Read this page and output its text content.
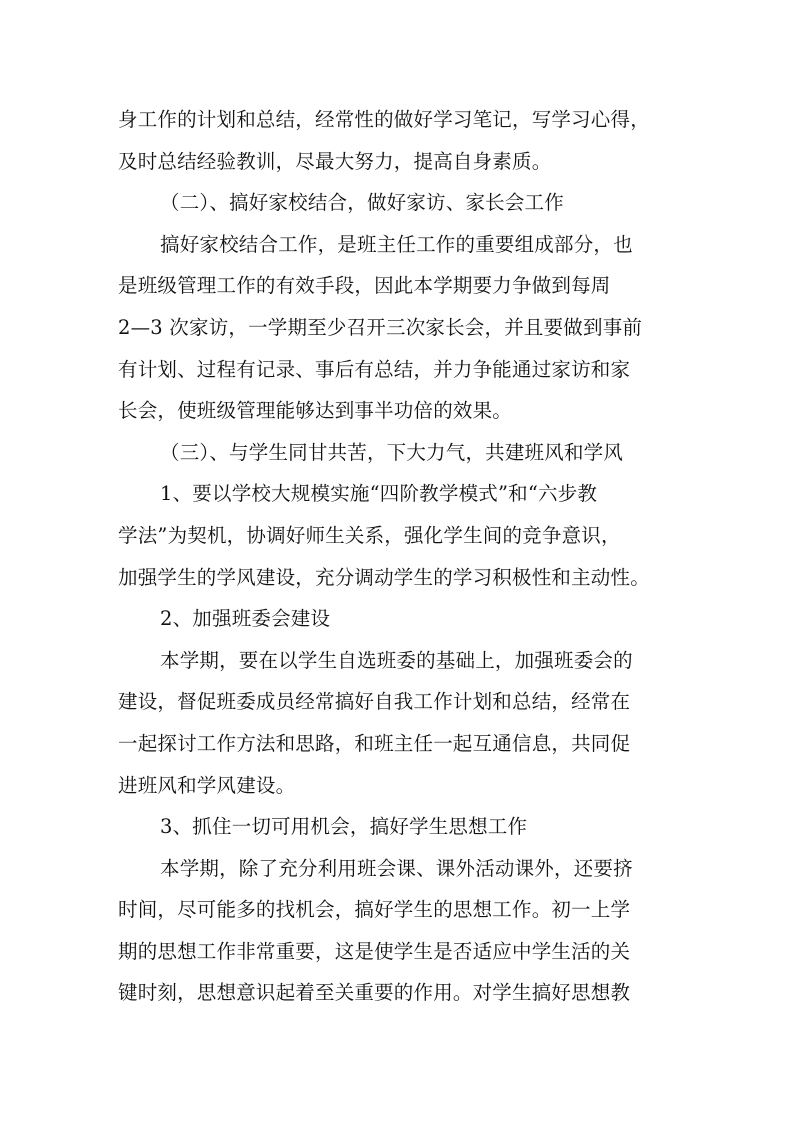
身工作的计划和总结，经常性的做好学习笔记，写学习心得，
及时总结经验教训，尽最大努力，提高自身素质。
（二）、搞好家校结合，做好家访、家长会工作
搞好家校结合工作，是班主任工作的重要组成部分，也
是班级管理工作的有效手段，因此本学期要力争做到每周
2—3 次家访，一学期至少召开三次家长会，并且要做到事前
有计划、过程有记录、事后有总结，并力争能通过家访和家
长会，使班级管理能够达到事半功倍的效果。
（三）、与学生同甘共苦，下大力气，共建班风和学风
1、要以学校大规模实施“四阶教学模式”和“六步教
学法”为契机，协调好师生关系，强化学生间的竞争意识，
加强学生的学风建设，充分调动学生的学习积极性和主动性。
2、加强班委会建设
本学期，要在以学生自选班委的基础上，加强班委会的
建设，督促班委成员经常搞好自我工作计划和总结，经常在
一起探讨工作方法和思路，和班主任一起互通信息，共同促
进班风和学风建设。
3、抓住一切可用机会，搞好学生思想工作
本学期，除了充分利用班会课、课外活动课外，还要挤
时间，尽可能多的找机会，搞好学生的思想工作。初一上学
期的思想工作非常重要，这是使学生是否适应中学生活的关
键时刻，思想意识起着至关重要的作用。对学生搞好思想教
